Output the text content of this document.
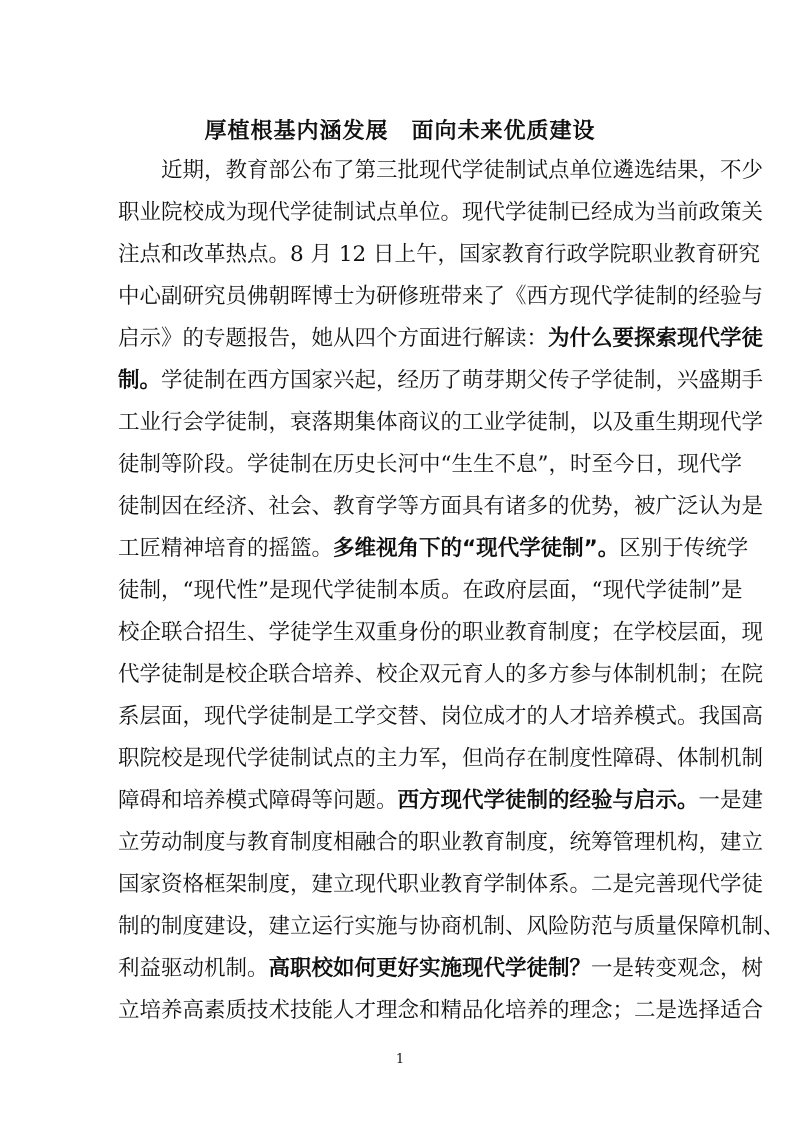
厚植根基内涵发展　面向未来优质建设
近期，教育部公布了第三批现代学徒制试点单位遴选结果，不少
职业院校成为现代学徒制试点单位。现代学徒制已经成为当前政策关
注点和改革热点。8 月 12 日上午，国家教育行政学院职业教育研究
中心副研究员佛朝晖博士为研修班带来了《西方现代学徒制的经验与
启示》的专题报告，她从四个方面进行解读：为什么要探索现代学徒
制。学徒制在西方国家兴起，经历了萌芽期父传子学徒制，兴盛期手
工业行会学徒制，衰落期集体商议的工业学徒制，以及重生期现代学
徒制等阶段。学徒制在历史长河中“生生不息”，时至今日，现代学
徒制因在经济、社会、教育学等方面具有诸多的优势，被广泛认为是
工匠精神培育的摇篮。多维视角下的“现代学徒制”。区别于传统学
徒制，“现代性”是现代学徒制本质。在政府层面，“现代学徒制”是
校企联合招生、学徒学生双重身份的职业教育制度；在学校层面，现
代学徒制是校企联合培养、校企双元育人的多方参与体制机制；在院
系层面，现代学徒制是工学交替、岗位成才的人才培养模式。我国高
职院校是现代学徒制试点的主力军，但尚存在制度性障碍、体制机制
障碍和培养模式障碍等问题。西方现代学徒制的经验与启示。一是建
立劳动制度与教育制度相融合的职业教育制度，统筹管理机构，建立
国家资格框架制度，建立现代职业教育学制体系。二是完善现代学徒
制的制度建设，建立运行实施与协商机制、风险防范与质量保障机制、
利益驱动机制。高职校如何更好实施现代学徒制？一是转变观念，树
立培养高素质技术技能人才理念和精品化培养的理念；二是选择适合
1
